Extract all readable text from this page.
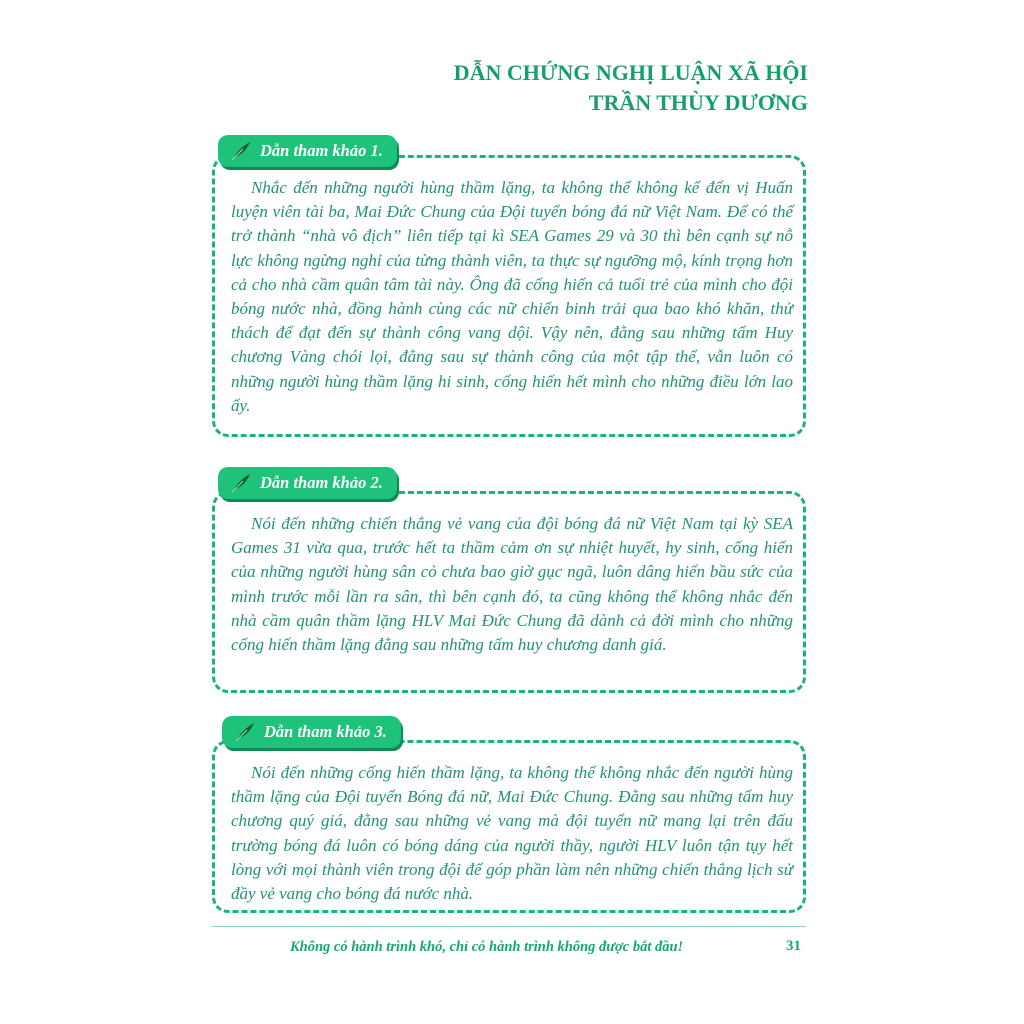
DẪN CHỨNG NGHỊ LUẬN XÃ HỘI
TRẦN THÙY DƯƠNG

Nhắc đến những người hùng thầm lặng, ta không thể không kể đến vị Huấn luyện viên tài ba, Mai Đức Chung của Đội tuyển bóng đá nữ Việt Nam. Để có thể trở thành “nhà vô địch” liên tiếp tại kì SEA Games 29 và 30 thì bên cạnh sự nỗ lực không ngừng nghỉ của từng thành viên, ta thực sự ngưỡng mộ, kính trọng hơn cả cho nhà cầm quân tâm tài này. Ông đã cống hiến cả tuổi trẻ của mình cho đội bóng nước nhà, đồng hành cùng các nữ chiến binh trải qua bao khó khăn, thử thách để đạt đến sự thành công vang dội. Vậy nên, đằng sau những tấm Huy chương Vàng chói lọi, đằng sau sự thành công của một tập thể, vẫn luôn có những người hùng thầm lặng hi sinh, cống hiến hết mình cho những điều lớn lao ấy.

Dẫn tham khảo 1.

Nói đến những chiến thắng vẻ vang của đội bóng đá nữ Việt Nam tại kỳ SEA Games 31 vừa qua, trước hết ta thầm cảm ơn sự nhiệt huyết, hy sinh, cống hiến của những người hùng sân cỏ chưa bao giờ gục ngã, luôn dâng hiến bầu sức của mình trước mỗi lần ra sân, thì bên cạnh đó, ta cũng không thể không nhắc đến nhà cầm quân thầm lặng HLV Mai Đức Chung đã dành cả đời mình cho những cống hiến thầm lặng đằng sau những tấm huy chương danh giá.

Dẫn tham khảo 2.

Nói đến những cống hiến thầm lặng, ta không thể không nhắc đến người hùng thầm lặng của Đội tuyển Bóng đá nữ, Mai Đức Chung. Đằng sau những tấm huy chương quý giá, đằng sau những vẻ vang mà đội tuyển nữ mang lại trên đấu trường bóng đá luôn có bóng dáng của người thầy, người HLV luôn tận tụy hết lòng với mọi thành viên trong đội để góp phần làm nên những chiến thắng lịch sử đầy vẻ vang cho bóng đá nước nhà.

Dẫn tham khảo 3.
Không có hành trình khó, chỉ có hành trình không được bắt đầu!	31
